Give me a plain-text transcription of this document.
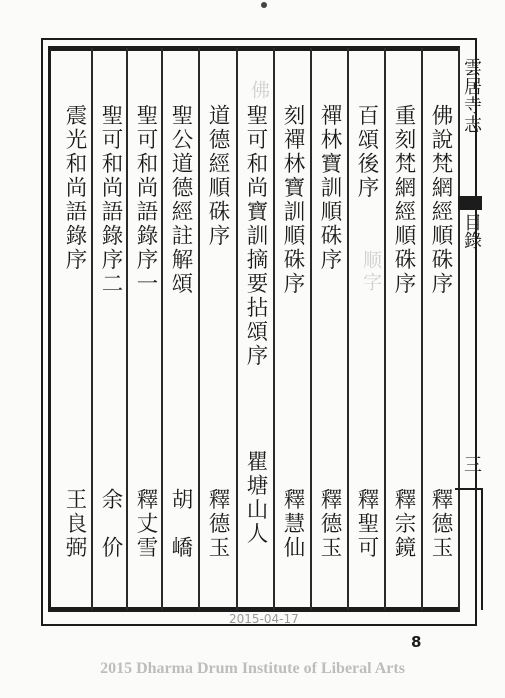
佛
顺字
雲居寺志
目錄
三
佛說梵網經順硃序
釋德玉
重刻梵網經順硃序
釋宗鏡
百頌後序
釋聖可
禪林寶訓順硃序
釋德玉
刻禪林寶訓順硃序
釋慧仙
聖可和尚寶訓摘要拈頌序
瞿塘山人
道德經順硃序
釋德玉
聖公道德經註解頌
胡　嶠
聖可和尚語錄序一
釋丈雪
聖可和尚語錄序二
余　价
震光和尚語錄序
王良弼
2015-04-17
8
2015 Dharma Drum Institute of Liberal Arts
